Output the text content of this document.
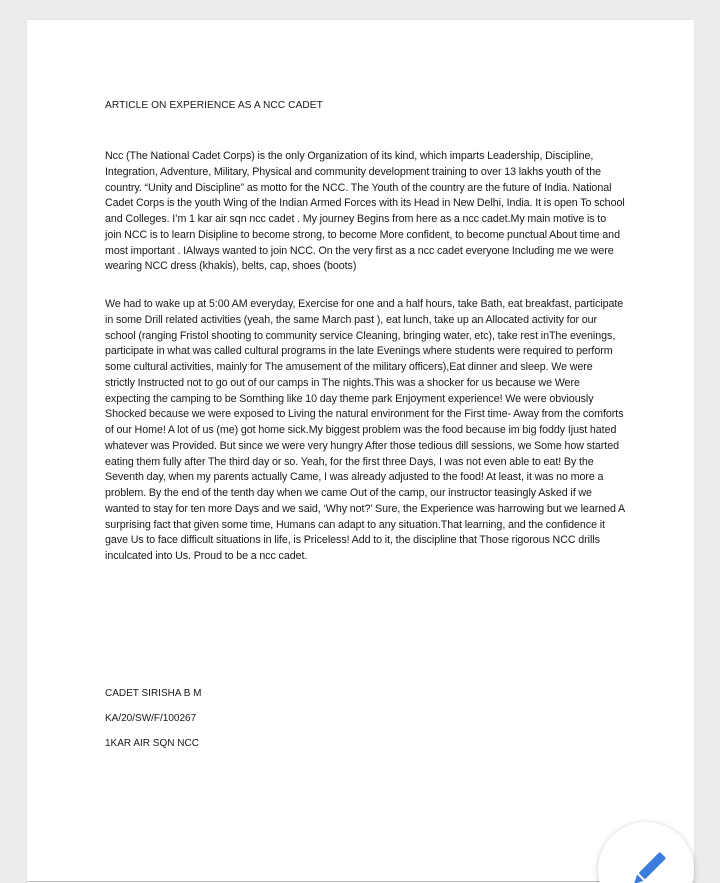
ARTICLE ON EXPERIENCE AS A NCC CADET

Ncc (The National Cadet Corps) is the only Organization of its kind, which imparts Leadership, Discipline, Integration, Adventure, Military, Physical and community development training to over 13 lakhs youth of the country. “Unity and Discipline” as motto for the NCC. The Youth of the country are the future of India. National Cadet Corps is the youth Wing of the Indian Armed Forces with its Head in New Delhi, India. It is open To school and Colleges. I’m 1 kar air sqn ncc cadet . My journey Begins from here as a ncc cadet.My main motive is to join NCC is to learn Disipline to become strong, to become More confident, to become punctual About time and most important . IAlways wanted to join NCC. On the very first as a ncc cadet everyone Including me we were wearing NCC dress (khakis), belts, cap, shoes (boots)

We had to wake up at 5:00 AM everyday, Exercise for one and a half hours, take Bath, eat breakfast, participate in some Drill related activities (yeah, the same March past ), eat lunch, take up an Allocated activity for our school (ranging Fristol shooting to community service Cleaning, bringing water, etc), take rest inThe evenings, participate in what was called cultural programs in the late Evenings where students were required to perform some cultural activities, mainly for The amusement of the military officers),Eat dinner and sleep. We were strictly Instructed not to go out of our camps in The nights.This was a shocker for us because we Were expecting the camping to be Somthing like 10 day theme park Enjoyment experience! We were obviously Shocked because we were exposed to Living the natural environment for the First time- Away from the comforts of our Home! A lot of us (me) got home sick.My biggest problem was the food because im big foddy Ijust hated whatever was Provided. But since we were very hungry After those tedious dill sessions, we Some how started eating them fully after The third day or so. Yeah, for the first three Days, I was not even able to eat! By the Seventh day, when my parents actually Came, I was already adjusted to the food! At least, it was no more a problem. By the end of the tenth day when we came Out of the camp, our instructor teasingly Asked if we wanted to stay for ten more Days and we said, ‘Why not?’ Sure, the Experience was harrowing but we learned A surprising fact that given some time, Humans can adapt to any situation.That learning, and the confidence it gave Us to face difficult situations in life, is Priceless! Add to it, the discipline that Those rigorous NCC drills inculcated into Us. Proud to be a ncc cadet.

CADET SIRISHA B M
KA/20/SW/F/100267
1KAR AIR SQN NCC
